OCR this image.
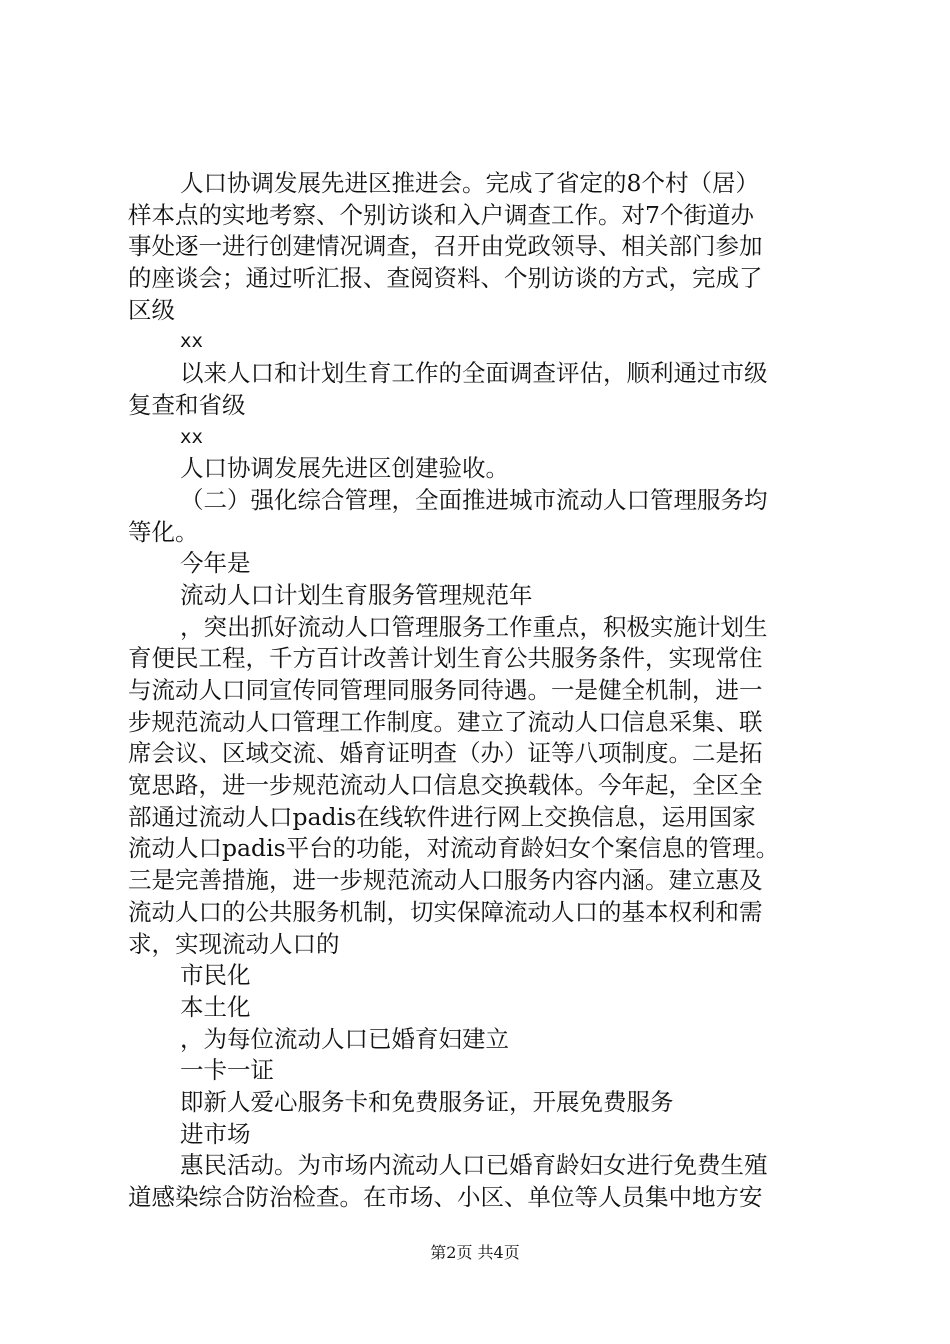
人口协调发展先进区推进会。完成了省定的8个村（居）
样本点的实地考察、个别访谈和入户调查工作。对7个街道办
事处逐一进行创建情况调查，召开由党政领导、相关部门参加
的座谈会；通过听汇报、查阅资料、个别访谈的方式，完成了
区级
xx
以来人口和计划生育工作的全面调查评估，顺利通过市级
复查和省级
xx
人口协调发展先进区创建验收。
（二）强化综合管理，全面推进城市流动人口管理服务均
等化。
今年是
流动人口计划生育服务管理规范年
，突出抓好流动人口管理服务工作重点，积极实施计划生
育便民工程，千方百计改善计划生育公共服务条件，实现常住
与流动人口同宣传同管理同服务同待遇。一是健全机制，进一
步规范流动人口管理工作制度。建立了流动人口信息采集、联
席会议、区域交流、婚育证明查（办）证等八项制度。二是拓
宽思路，进一步规范流动人口信息交换载体。今年起，全区全
部通过流动人口padis在线软件进行网上交换信息，运用国家
流动人口padis平台的功能，对流动育龄妇女个案信息的管理。
三是完善措施，进一步规范流动人口服务内容内涵。建立惠及
流动人口的公共服务机制，切实保障流动人口的基本权利和需
求，实现流动人口的
市民化
本土化
，为每位流动人口已婚育妇建立
一卡一证
即新人爱心服务卡和免费服务证，开展免费服务
进市场
惠民活动。为市场内流动人口已婚育龄妇女进行免费生殖
道感染综合防治检查。在市场、小区、单位等人员集中地方安
第2页 共4页
